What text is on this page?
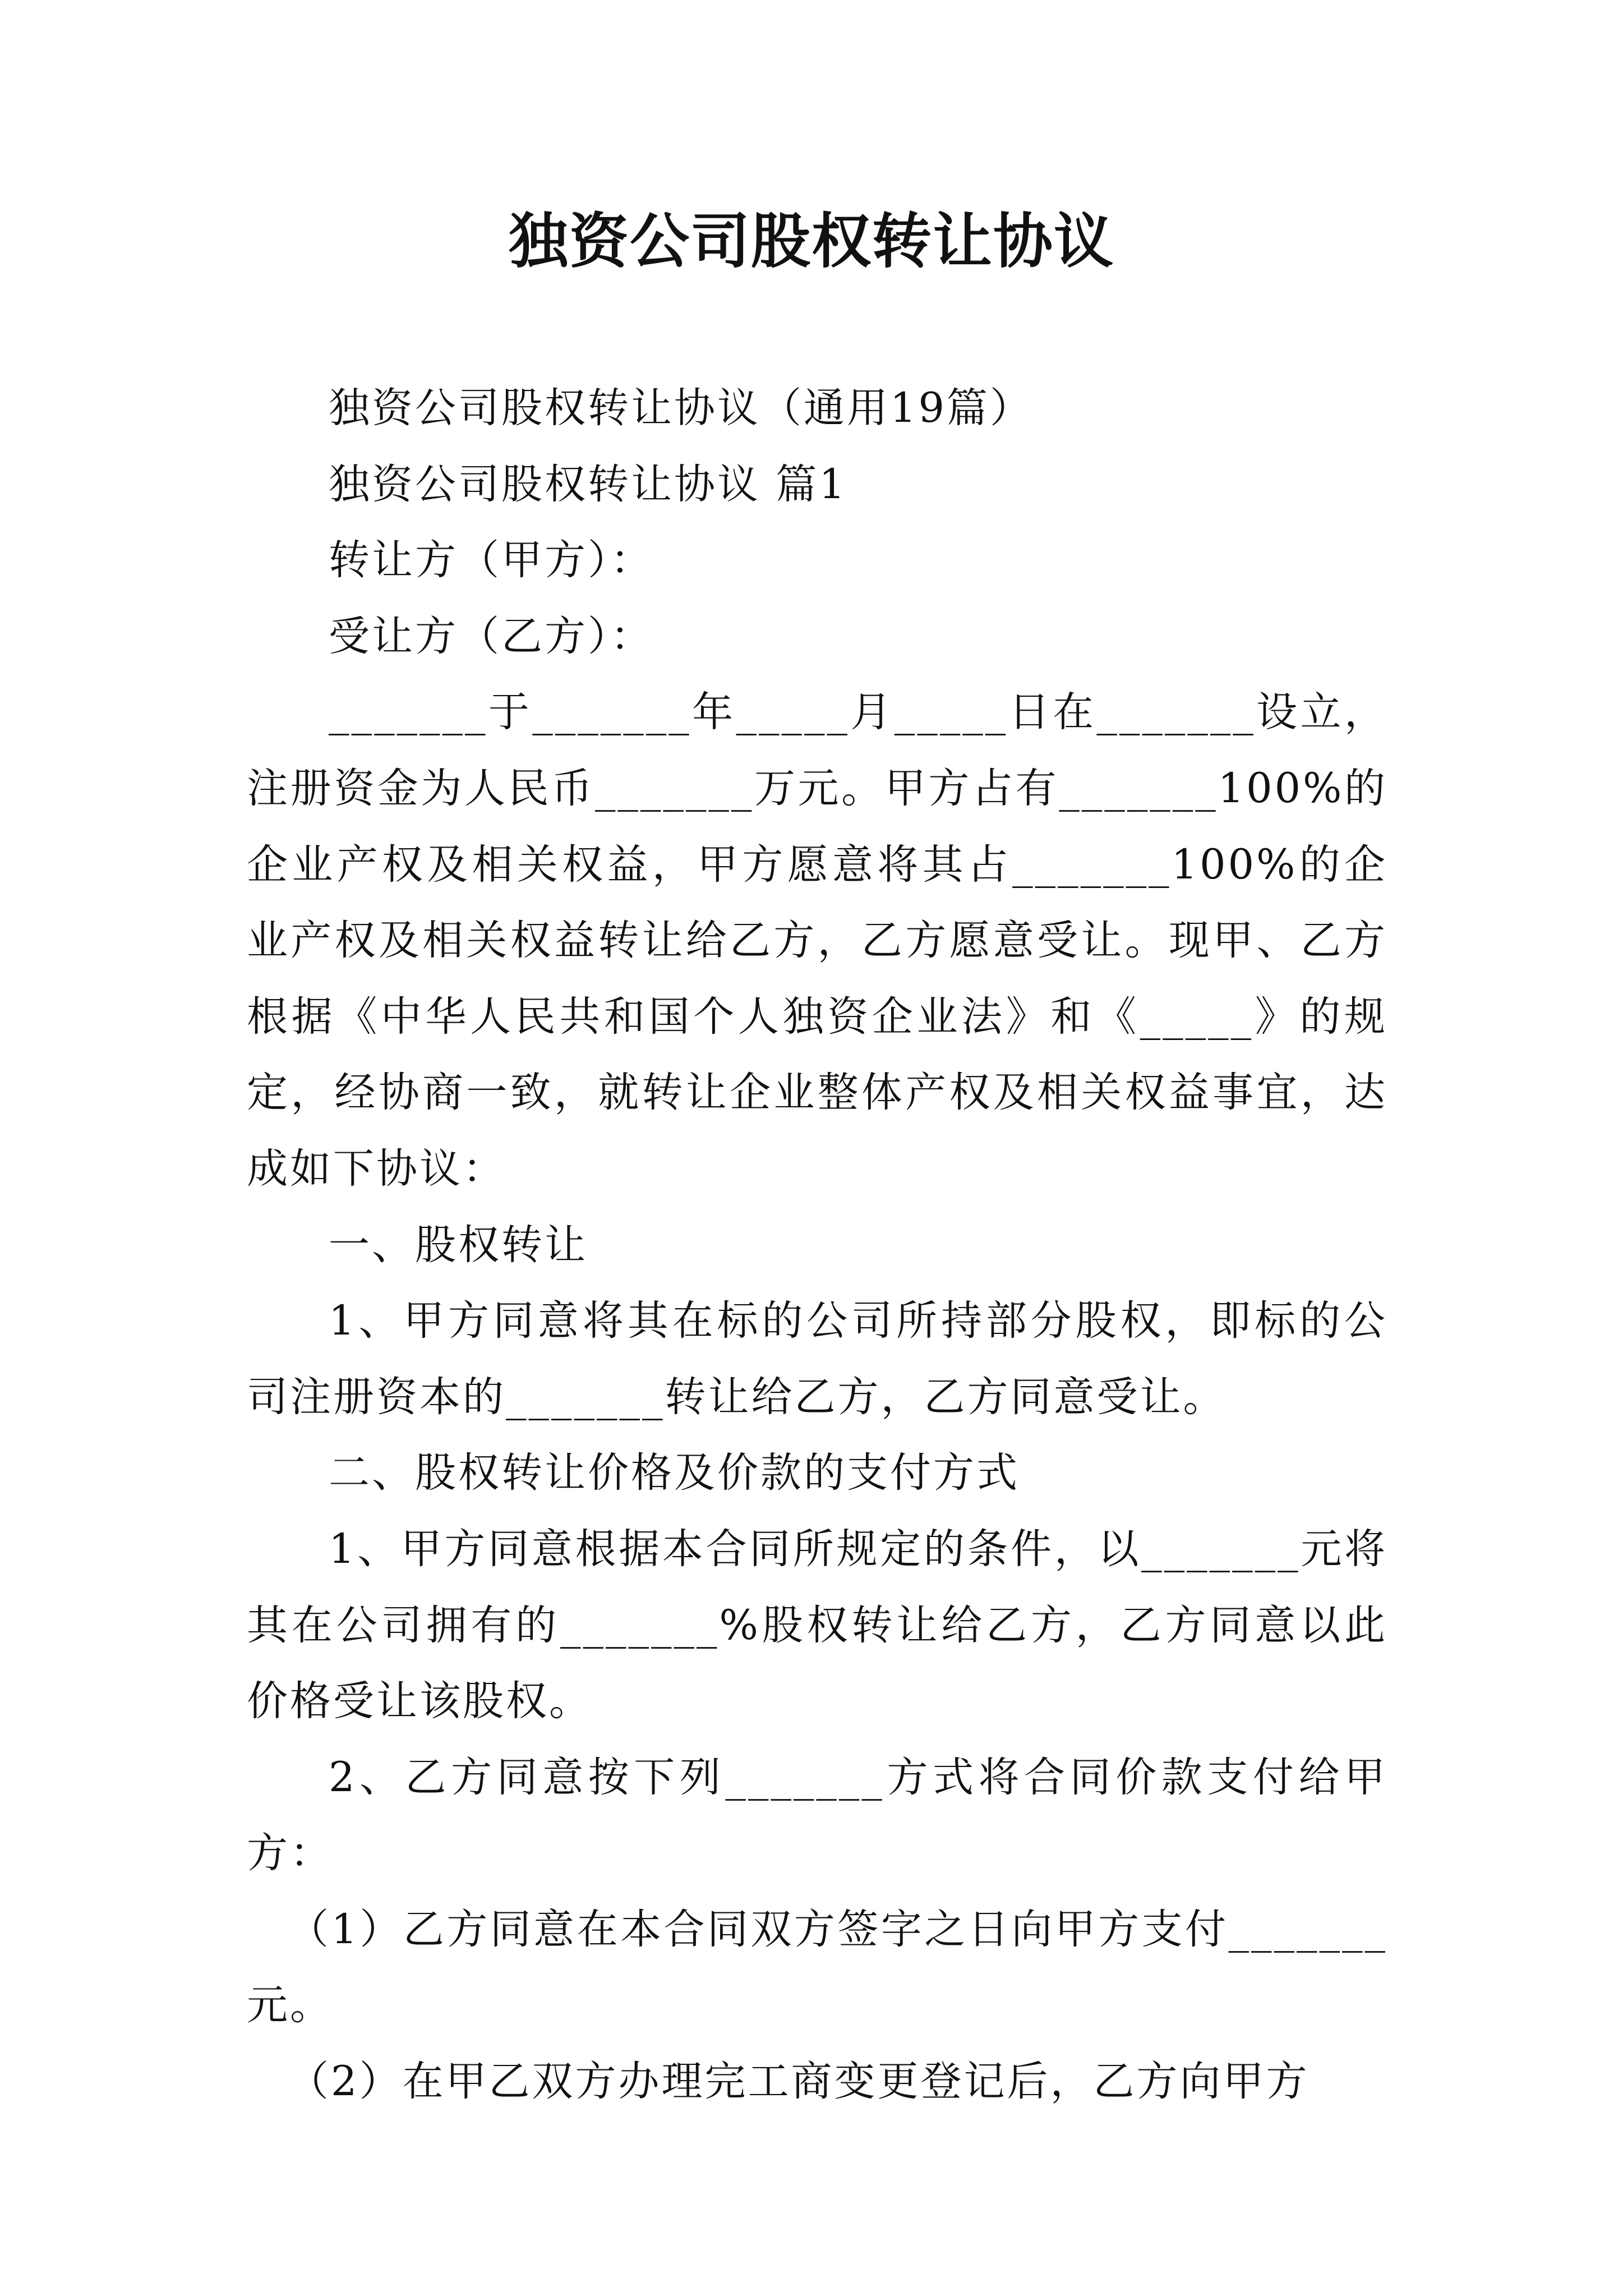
独资公司股权转让协议

独资公司股权转让协议（通用19篇）

独资公司股权转让协议 篇1

转让方（甲方）：

受让方（乙方）：

_______于_______年_____月_____日在_______设立，注册资金为人民币_______万元。甲方占有_______100%的企业产权及相关权益，甲方愿意将其占_______100%的企业产权及相关权益转让给乙方，乙方愿意受让。现甲、乙方根据《中华人民共和国个人独资企业法》和《_____》的规定，经协商一致，就转让企业整体产权及相关权益事宜，达成如下协议：

一、股权转让

1、甲方同意将其在标的公司所持部分股权，即标的公司注册资本的_______转让给乙方，乙方同意受让。

二、股权转让价格及价款的支付方式

1、甲方同意根据本合同所规定的条件，以_______元将其在公司拥有的_______%股权转让给乙方，乙方同意以此价格受让该股权。

2、乙方同意按下列_______方式将合同价款支付给甲方：

（1）乙方同意在本合同双方签字之日向甲方支付_______元。

（2）在甲乙双方办理完工商变更登记后，乙方向甲方
